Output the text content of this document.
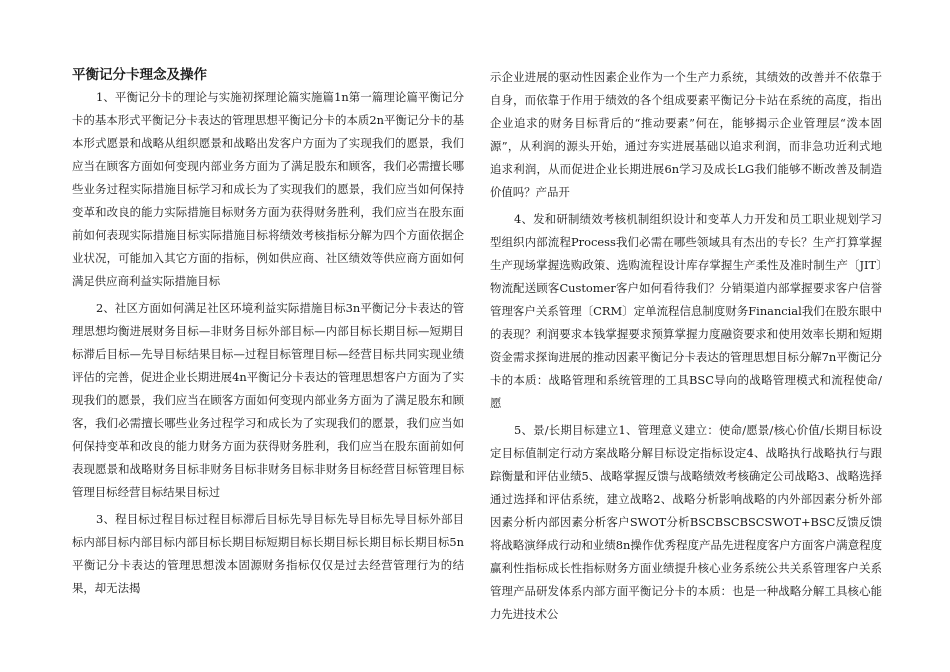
平衡记分卡理念及操作

1、平衡记分卡的理论与实施初探理论篇实施篇1n第一篇理论篇平衡记分卡的基本形式平衡记分卡表达的管理思想平衡记分卡的本质2n平衡记分卡的基本形式愿景和战略从组织愿景和战略出发客户方面为了实现我们的愿景，我们应当在顾客方面如何变现内部业务方面为了满足股东和顾客，我们必需擅长哪些业务过程实际措施目标学习和成长为了实现我们的愿景，我们应当如何保持变革和改良的能力实际措施目标财务方面为获得财务胜利，我们应当在股东面前如何表现实际措施目标实际措施目标将绩效考核指标分解为四个方面依据企业状况，可能加入其它方面的指标，例如供应商、社区绩效等供应商方面如何满足供应商利益实际措施目标

2、社区方面如何满足社区环境利益实际措施目标3n平衡记分卡表达的管理思想均衡进展财务目标—非财务目标外部目标—内部目标长期目标—短期目标滞后目标—先导目标结果目标—过程目标管理目标—经营目标共同实现业绩评估的完善，促进企业长期进展4n平衡记分卡表达的管理思想客户方面为了实现我们的愿景，我们应当在顾客方面如何变现内部业务方面为了满足股东和顾客，我们必需擅长哪些业务过程学习和成长为了实现我们的愿景，我们应当如何保持变革和改良的能力财务方面为获得财务胜利，我们应当在股东面前如何表现愿景和战略财务目标非财务目标非财务目标非财务目标经营目标管理目标管理目标经营目标结果目标过

3、程目标过程目标过程目标滞后目标先导目标先导目标先导目标外部目标内部目标内部目标内部目标长期目标短期目标长期目标长期目标长期目标5n平衡记分卡表达的管理思想泼本固源财务指标仅仅是过去经营管理行为的结果，却无法揭

示企业进展的驱动性因素企业作为一个生产力系统，其绩效的改善并不依靠于自身，而依靠于作用于绩效的各个组成要素平衡记分卡站在系统的高度，指出企业追求的财务目标背后的“推动要素”何在，能够揭示企业管理层“泼本固源”，从利润的源头开始，通过夯实进展基础以追求利润，而非急功近利式地追求利润，从而促进企业长期进展6n学习及成长LG我们能够不断改善及制造价值吗？产品开

4、发和研制绩效考核机制组织设计和变革人力开发和员工职业规划学习型组织内部流程Process我们必需在哪些领域具有杰出的专长？生产打算掌握生产现场掌握选购政策、选购流程设计库存掌握生产柔性及准时制生产〔JIT〕物流配送顾客Customer客户如何看待我们？分销渠道内部掌握要求客户信誉管理客户关系管理〔CRM〕定单流程信息制度财务Financial我们在股东眼中的表现？利润要求本钱掌握要求预算掌握力度融资要求和使用效率长期和短期资金需求探询进展的推动因素平衡记分卡表达的管理思想目标分解7n平衡记分卡的本质：战略管理和系统管理的工具BSC导向的战略管理模式和流程使命/愿

5、景/长期目标建立1、管理意义建立：使命/愿景/核心价值/长期目标设定目标值制定行动方案战略分解目标设定指标设定4、战略执行战略执行与跟踪衡量和评估业绩5、战略掌握反馈与战略绩效考核确定公司战略3、战略选择通过选择和评估系统，建立战略2、战略分析影响战略的内外部因素分析外部因素分析内部因素分析客户SWOT分析BSCBSCBSCSWOT+BSC反馈反馈将战略演绎成行动和业绩8n操作优秀程度产品先进程度客户方面客户满意程度赢利性指标成长性指标财务方面业绩提升核心业务系统公共关系管理客户关系管理产品研发体系内部方面平衡记分卡的本质：也是一种战略分解工具核心能力先进技术公
